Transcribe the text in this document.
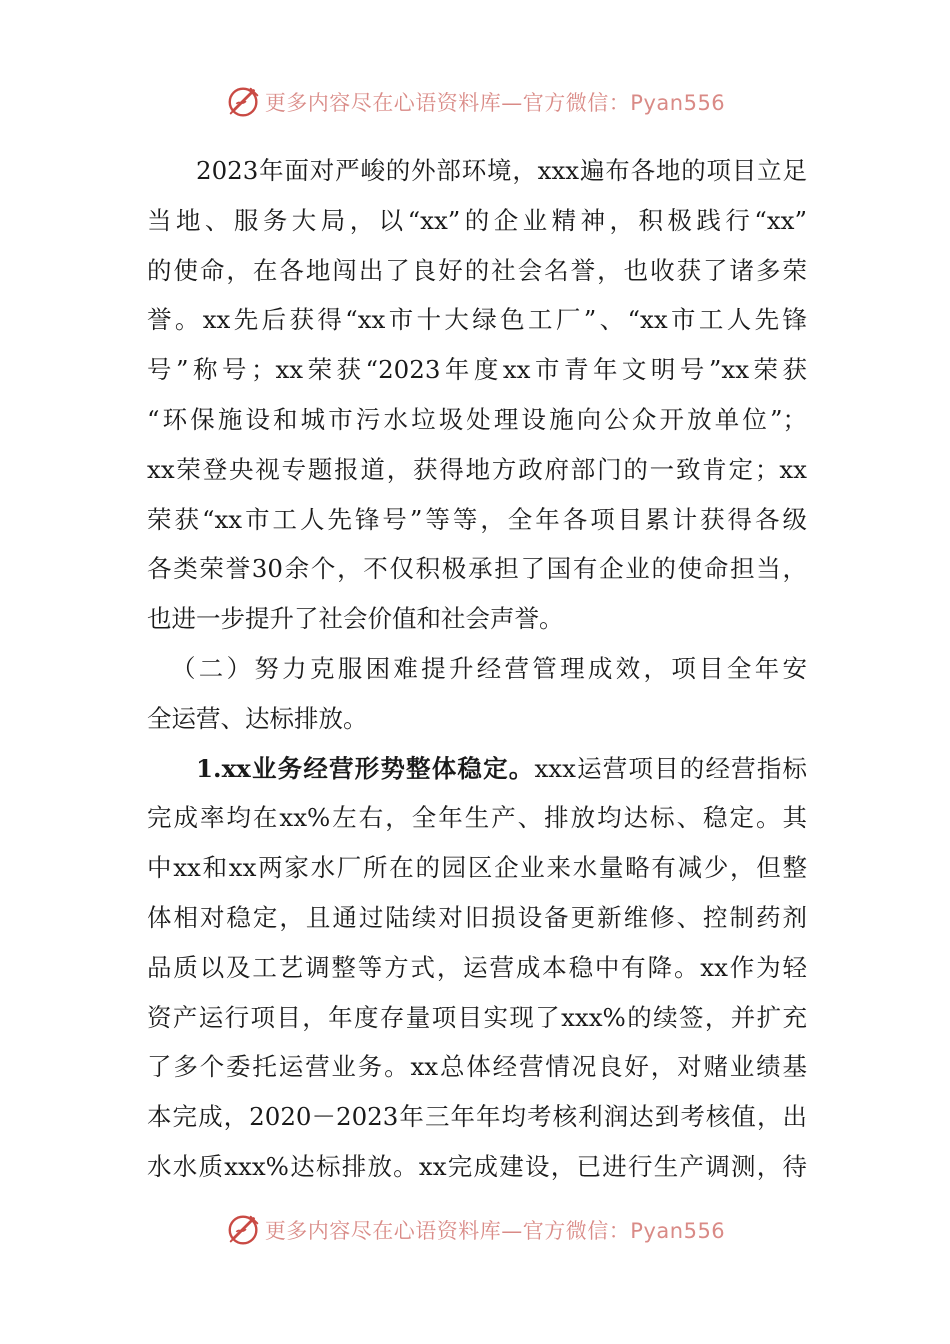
更多内容尽在心语资料库—官方微信：Pyan556
2023年面对严峻的外部环境，xxx遍布各地的项目立足
当地、服务大局，以“xx”的企业精神，积极践行“xx”
的使命，在各地闯出了良好的社会名誉，也收获了诸多荣
誉。xx先后获得“xx市十大绿色工厂”、“xx市工人先锋
号”称号；xx荣获“2023年度xx市青年文明号”xx荣获
“环保施设和城市污水垃圾处理设施向公众开放单位”；
xx荣登央视专题报道，获得地方政府部门的一致肯定；xx
荣获“xx市工人先锋号”等等，全年各项目累计获得各级
各类荣誉30余个，不仅积极承担了国有企业的使命担当，
也进一步提升了社会价值和社会声誉。
（二）努力克服困难提升经营管理成效，项目全年安
全运营、达标排放。
1.xx业务经营形势整体稳定。xxx运营项目的经营指标
完成率均在xx%左右，全年生产、排放均达标、稳定。其
中xx和xx两家水厂所在的园区企业来水量略有减少，但整
体相对稳定，且通过陆续对旧损设备更新维修、控制药剂
品质以及工艺调整等方式，运营成本稳中有降。xx作为轻
资产运行项目，年度存量项目实现了xxx%的续签，并扩充
了多个委托运营业务。xx总体经营情况良好，对赌业绩基
本完成，2020－2023年三年年均考核利润达到考核值，出
水水质xxx%达标排放。xx完成建设，已进行生产调测，待
更多内容尽在心语资料库—官方微信：Pyan556
